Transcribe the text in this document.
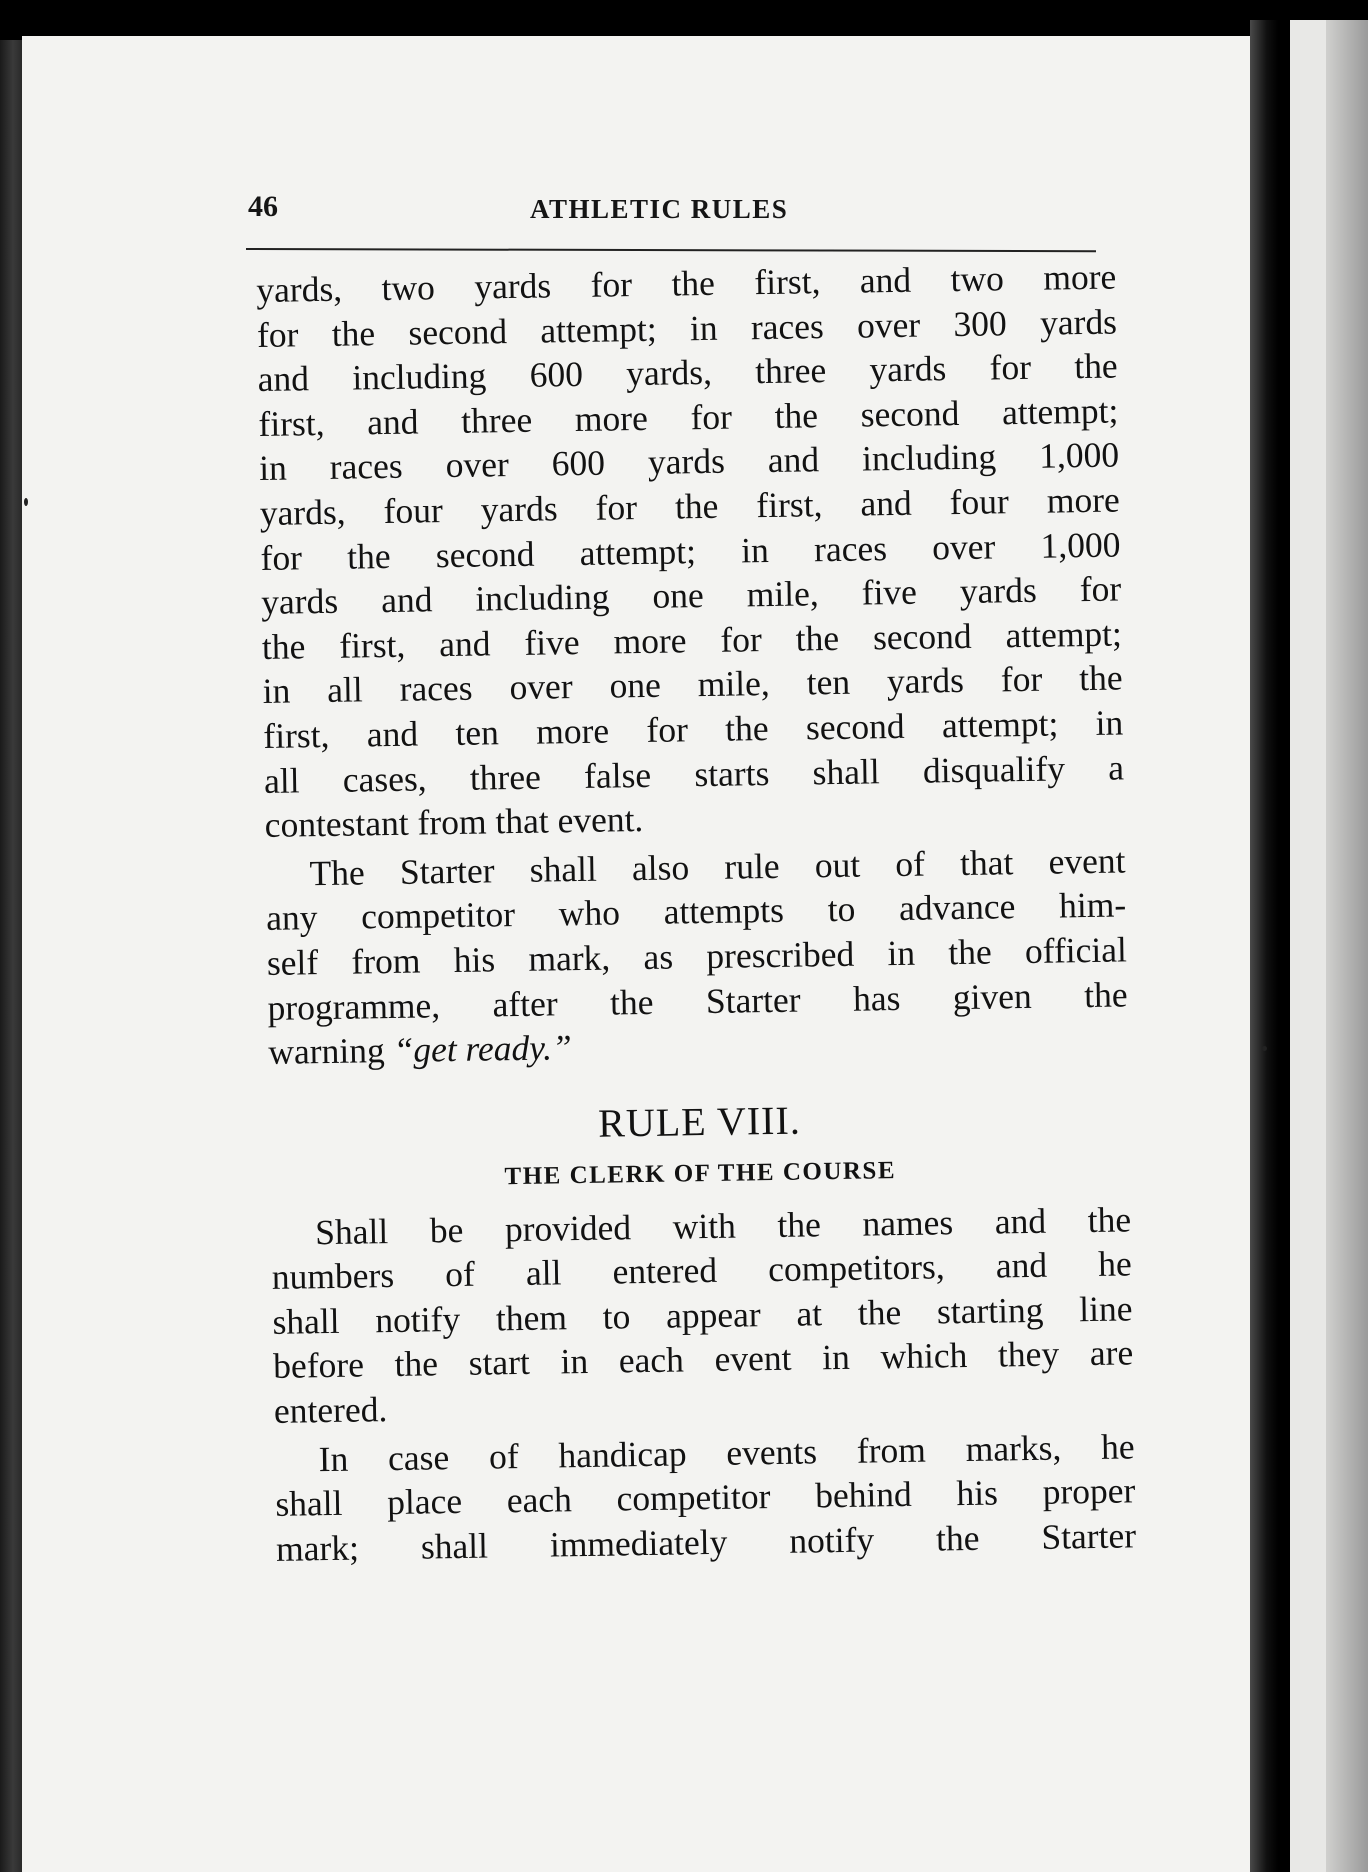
46	ATHLETIC RULES

yards, two yards for the first, and two more

for the second attempt; in races over 300 yards

and including 600 yards, three yards for the

first, and three more for the second attempt;

in races over 600 yards and including 1,000

yards, four yards for the first, and four more

for the second attempt; in races over 1,000

yards and including one mile, five yards for

the first, and five more for the second attempt;

in all races over one mile, ten yards for the

first, and ten more for the second attempt; in

all cases, three false starts shall disqualify a

contestant from that event.

The Starter shall also rule out of that event

any competitor who attempts to advance him-

self from his mark, as prescribed in the official

programme, after the Starter has given the

warning “get ready.”

RULE VIII.

THE CLERK OF THE COURSE

Shall be provided with the names and the

numbers of all entered competitors, and he

shall notify them to appear at the starting line

before the start in each event in which they are

entered.

In case of handicap events from marks, he

shall place each competitor behind his proper

mark; shall immediately notify the Starter
